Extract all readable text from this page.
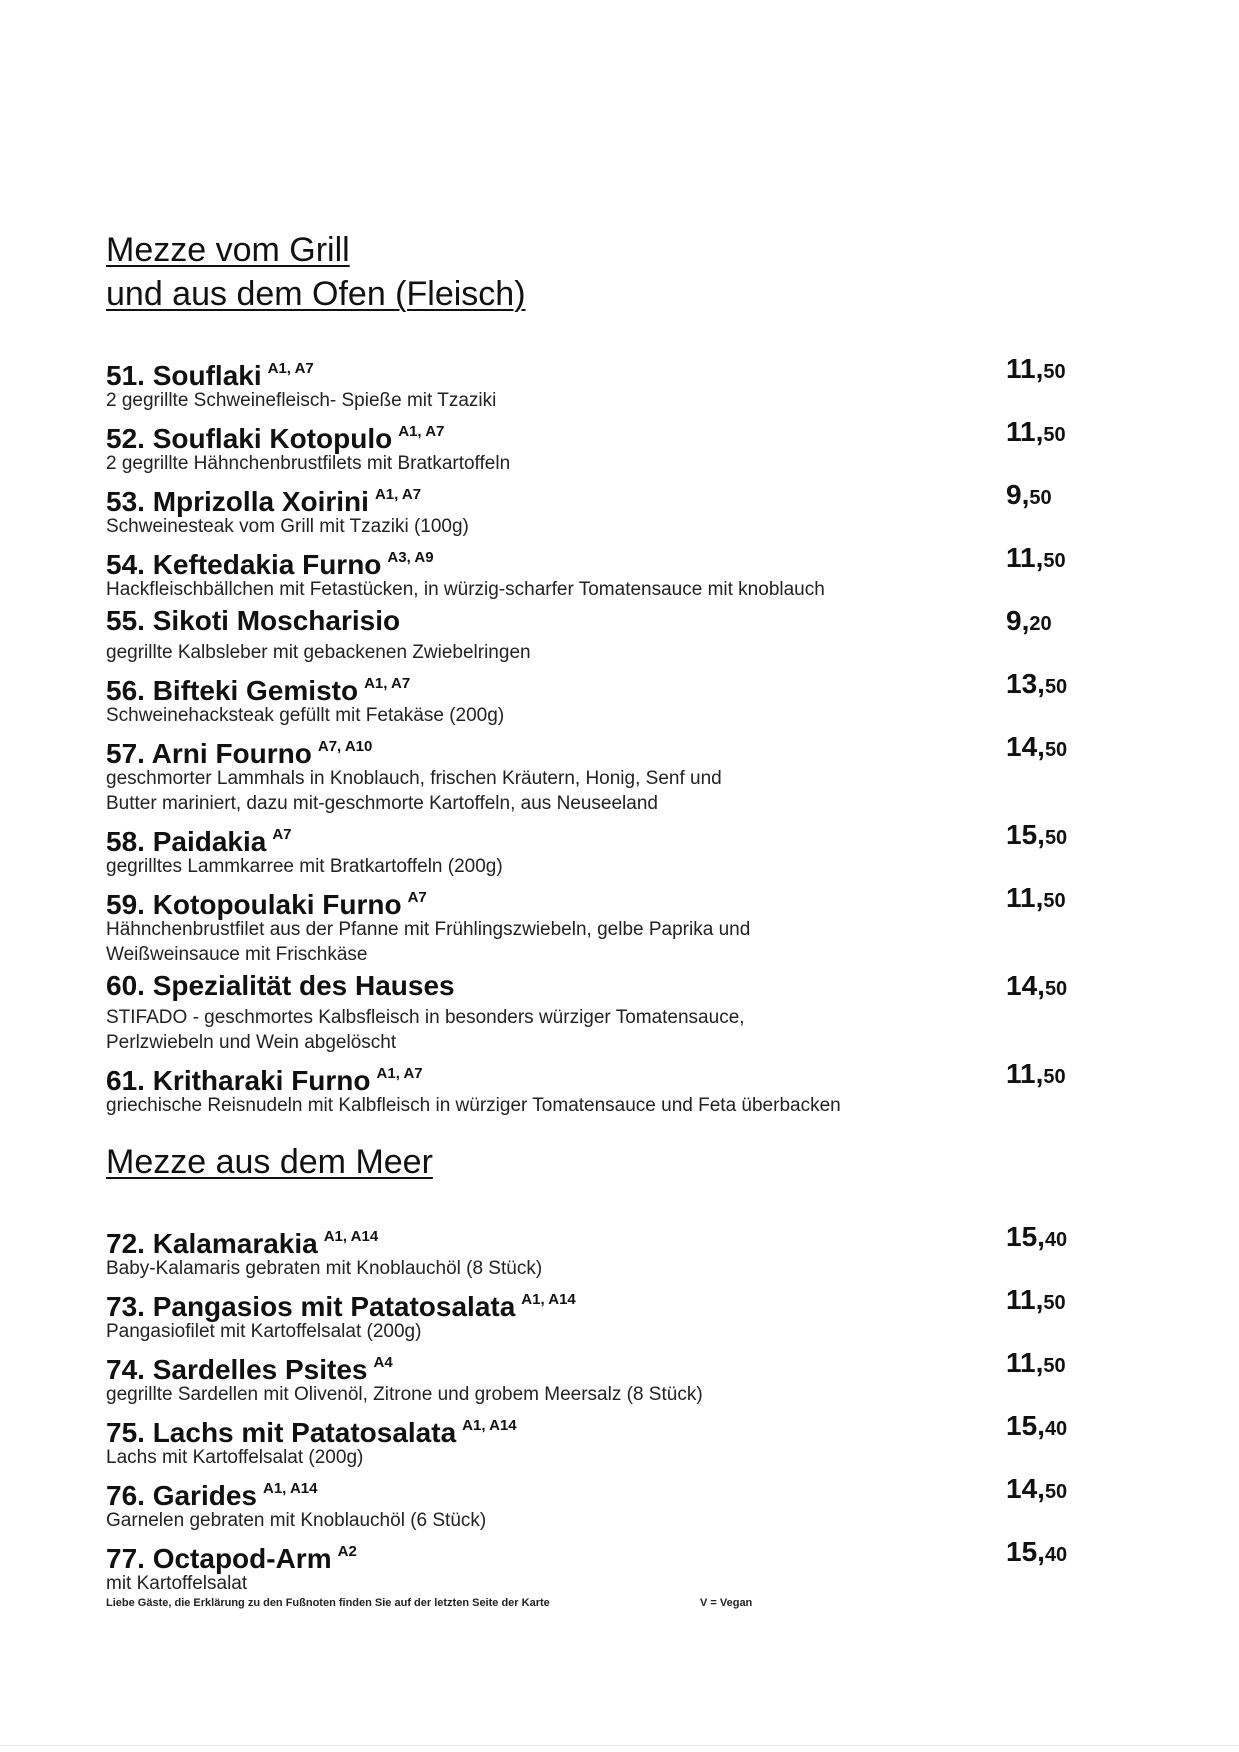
Mezze vom Grill
und aus dem Ofen (Fleisch)
51. Souflaki $^{A1, A7}$	11,50

2 gegrillte Schweinefleisch- Spieße mit Tzaziki

52. Souflaki Kotopulo $^{A1, A7}$	11,50

2 gegrillte Hähnchenbrustfilets mit Bratkartoffeln

53. Mprizolla Xoirini $^{A1, A7}$	9,50

Schweinesteak vom Grill mit Tzaziki (100g)

54. Keftedakia Furno $^{A3, A9}$	11,50

Hackfleischbällchen mit Fetastücken, in würzig-scharfer Tomatensauce mit knoblauch

55. Sikoti Moscharisio	9,20

gegrillte Kalbsleber mit gebackenen Zwiebelringen

56. Bifteki Gemisto $^{A1, A7}$	13,50

Schweinehacksteak gefüllt mit Fetakäse (200g)

57. Arni Fourno $^{A7, A10}$	14,50

geschmorter Lammhals in Knoblauch, frischen Kräutern, Honig, Senf und
Butter mariniert, dazu mit-geschmorte Kartoffeln, aus Neuseeland

58. Paidakia $^{A7}$	15,50

gegrilltes Lammkarree mit Bratkartoffeln (200g)

59. Kotopoulaki Furno $^{A7}$	11,50

Hähnchenbrustfilet aus der Pfanne mit Frühlingszwiebeln, gelbe Paprika und
Weißweinsauce mit Frischkäse

60. Spezialität des Hauses	14,50

STIFADO - geschmortes Kalbsfleisch in besonders würziger Tomatensauce,
Perlzwiebeln und Wein abgelöscht

61. Kritharaki Furno $^{A1, A7}$	11,50

griechische Reisnudeln mit Kalbfleisch in würziger Tomatensauce und Feta überbacken

Mezze aus dem Meer
72. Kalamarakia $^{A1, A14}$	15,40

Baby-Kalamaris gebraten mit Knoblauchöl (8 Stück)

73. Pangasios mit Patatosalata $^{A1, A14}$	11,50

Pangasiofilet mit Kartoffelsalat (200g)

74. Sardelles Psites $^{A4}$	11,50

gegrillte Sardellen mit Olivenöl, Zitrone und grobem Meersalz (8 Stück)

75. Lachs mit Patatosalata $^{A1, A14}$	15,40

Lachs mit Kartoffelsalat (200g)

76. Garides $^{A1, A14}$	14,50

Garnelen gebraten mit Knoblauchöl (6 Stück)

77. Octapod-Arm $^{A2}$	15,40

mit Kartoffelsalat

Liebe Gäste, die Erklärung zu den Fußnoten finden Sie auf der letzten Seite der Karte	V = Vegan
